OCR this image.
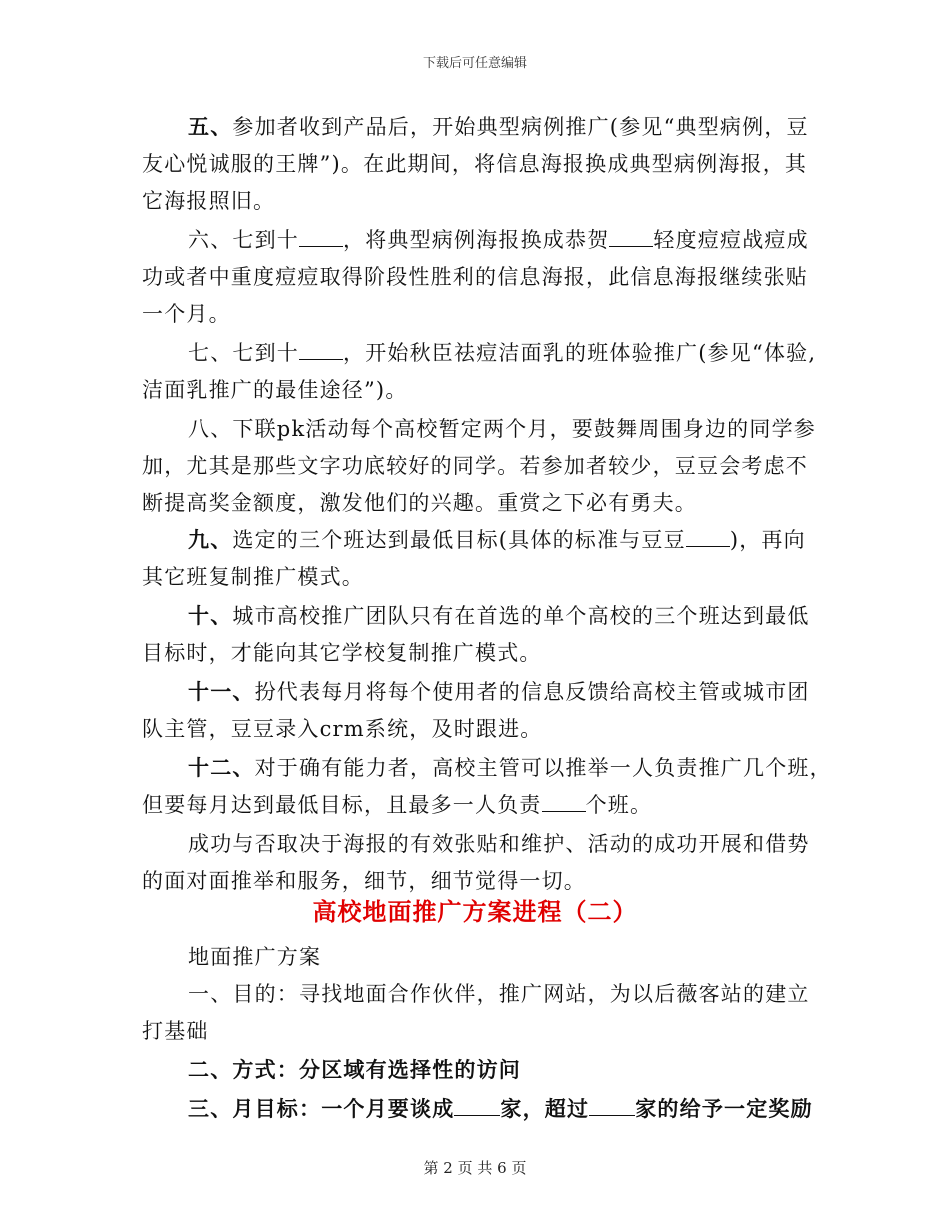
下载后可任意编辑
五、参加者收到产品后，开始典型病例推广(参见“典型病例，豆
友心悦诚服的王牌”)。在此期间，将信息海报换成典型病例海报，其
它海报照旧。
六、七到十 ，将典型病例海报换成恭贺 轻度痘痘战痘成
功或者中重度痘痘取得阶段性胜利的信息海报，此信息海报继续张贴
一个月。
七、七到十 ，开始秋臣祛痘洁面乳的班体验推广(参见“体验,
洁面乳推广的最佳途径”)。
八、下联pk活动每个高校暂定两个月，要鼓舞周围身边的同学参
加，尤其是那些文字功底较好的同学。若参加者较少，豆豆会考虑不
断提高奖金额度，激发他们的兴趣。重赏之下必有勇夫。
九、选定的三个班达到最低目标(具体的标准与豆豆 )，再向
其它班复制推广模式。
十、城市高校推广团队只有在首选的单个高校的三个班达到最低
目标时，才能向其它学校复制推广模式。
十一、扮代表每月将每个使用者的信息反馈给高校主管或城市团
队主管，豆豆录入crm系统，及时跟进。
十二、对于确有能力者，高校主管可以推举一人负责推广几个班，
但要每月达到最低目标，且最多一人负责 个班。
成功与否取决于海报的有效张贴和维护、活动的成功开展和借势
的面对面推举和服务，细节，细节觉得一切。
高校地面推广方案进程（二）
地面推广方案
一、目的：寻找地面合作伙伴，推广网站，为以后薇客站的建立
打基础
二、方式：分区域有选择性的访问
三、月目标：一个月要谈成 家，超过 家的给予一定奖励
第 2 页 共 6 页
